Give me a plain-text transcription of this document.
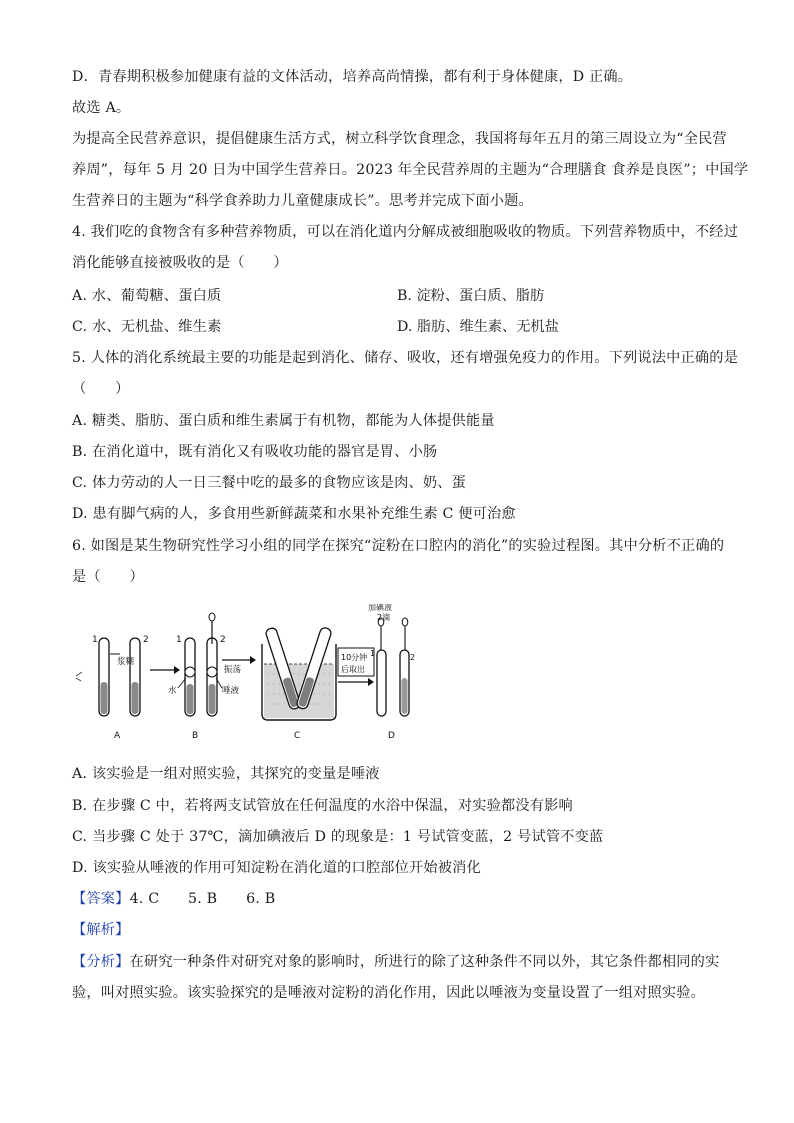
D．青春期积极参加健康有益的文体活动，培养高尚情操，都有利于身体健康，D 正确。
故选 A。
为提高全民营养意识，提倡健康生活方式，树立科学饮食理念，我国将每年五月的第三周设立为“全民营
养周”，每年 5 月 20 日为中国学生营养日。2023 年全民营养周的主题为“合理膳食 食养是良医”；中国学
生营养日的主题为“科学食养助力儿童健康成长”。思考并完成下面小题。
4. 我们吃的食物含有多种营养物质，可以在消化道内分解成被细胞吸收的物质。下列营养物质中，不经过
消化能够直接被吸收的是（　　）
A. 水、葡萄糖、蛋白质	B. 淀粉、蛋白质、脂肪
C. 水、无机盐、维生素	D. 脂肪、维生素、无机盐
5. 人体的消化系统最主要的功能是起到消化、储存、吸收，还有增强免疫力的作用。下列说法中正确的是
（　　）
A. 糖类、脂肪、蛋白质和维生素属于有机物，都能为人体提供能量
B. 在消化道中，既有消化又有吸收功能的器官是胃、小肠
C. 体力劳动的人一日三餐中吃的最多的食物应该是肉、奶、蛋
D. 患有脚气病的人，多食用些新鲜蔬菜和水果补充维生素 C 便可治愈
6. 如图是某生物研究性学习小组的同学在探究“淀粉在口腔内的消化”的实验过程图。其中分析不正确的
是（　　）
1	2
浆糊
A
1	2
水	唾液
B
振荡
C
10分钟
后取出
加碘液
2滴
1	2
D
A. 该实验是一组对照实验，其探究的变量是唾液
B. 在步骤 C 中，若将两支试管放在任何温度的水浴中保温，对实验都没有影响
C. 当步骤 C 处于 37℃，滴加碘液后 D 的现象是：1 号试管变蓝，2 号试管不变蓝
D. 该实验从唾液的作用可知淀粉在消化道的口腔部位开始被消化
【答案】4. C　　5. B　　6. B
【解析】
【分析】在研究一种条件对研究对象的影响时，所进行的除了这种条件不同以外，其它条件都相同的实
验，叫对照实验。该实验探究的是唾液对淀粉的消化作用，因此以唾液为变量设置了一组对照实验。
